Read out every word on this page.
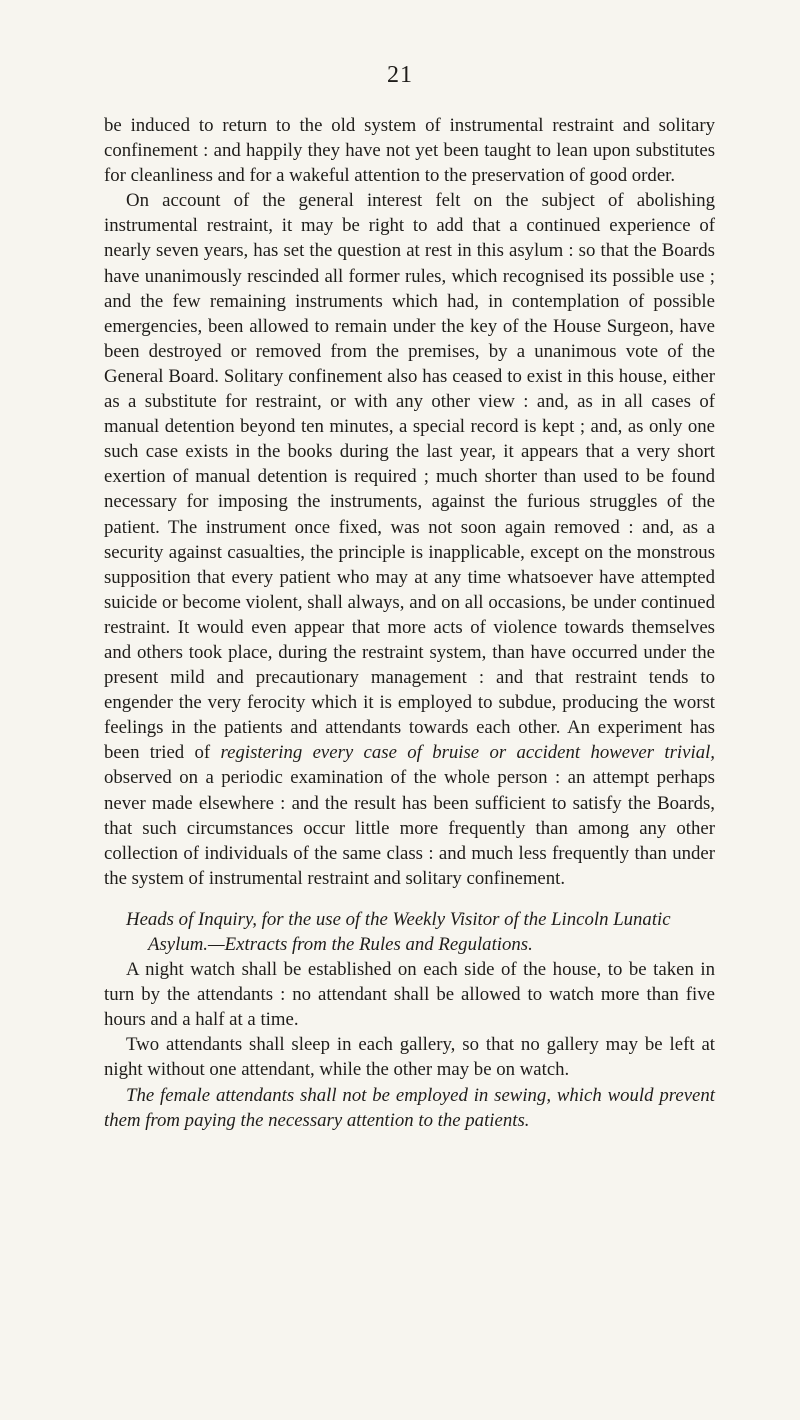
21

be induced to return to the old system of instrumental restraint and solitary confinement : and happily they have not yet been taught to lean upon substitutes for cleanliness and for a wakeful attention to the preservation of good order.

On account of the general interest felt on the subject of abolishing instrumental restraint, it may be right to add that a continued experience of nearly seven years, has set the question at rest in this asylum : so that the Boards have unanimously rescinded all former rules, which recognised its possible use ; and the few remaining instruments which had, in contemplation of possible emergencies, been allowed to remain under the key of the House Surgeon, have been destroyed or removed from the premises, by a unanimous vote of the General Board. Solitary confinement also has ceased to exist in this house, either as a substitute for restraint, or with any other view : and, as in all cases of manual detention beyond ten minutes, a special record is kept ; and, as only one such case exists in the books during the last year, it appears that a very short exertion of manual detention is required ; much shorter than used to be found necessary for imposing the instruments, against the furious struggles of the patient. The instrument once fixed, was not soon again removed : and, as a security against casualties, the principle is inapplicable, except on the monstrous supposition that every patient who may at any time whatsoever have attempted suicide or become violent, shall always, and on all occasions, be under continued restraint. It would even appear that more acts of violence towards themselves and others took place, during the restraint system, than have occurred under the present mild and precautionary management : and that restraint tends to engender the very ferocity which it is employed to subdue, producing the worst feelings in the patients and attendants towards each other. An experiment has been tried of registering every case of bruise or accident however trivial, observed on a periodic examination of the whole person : an attempt perhaps never made elsewhere : and the result has been sufficient to satisfy the Boards, that such circumstances occur little more frequently than among any other collection of individuals of the same class : and much less frequently than under the system of instrumental restraint and solitary confinement.

Heads of Inquiry, for the use of the Weekly Visitor of the Lincoln Lunatic
Asylum.—Extracts from the Rules and Regulations.

A night watch shall be established on each side of the house, to be taken in turn by the attendants : no attendant shall be allowed to watch more than five hours and a half at a time.

Two attendants shall sleep in each gallery, so that no gallery may be left at night without one attendant, while the other may be on watch.

The female attendants shall not be employed in sewing, which would prevent them from paying the necessary attention to the patients.
